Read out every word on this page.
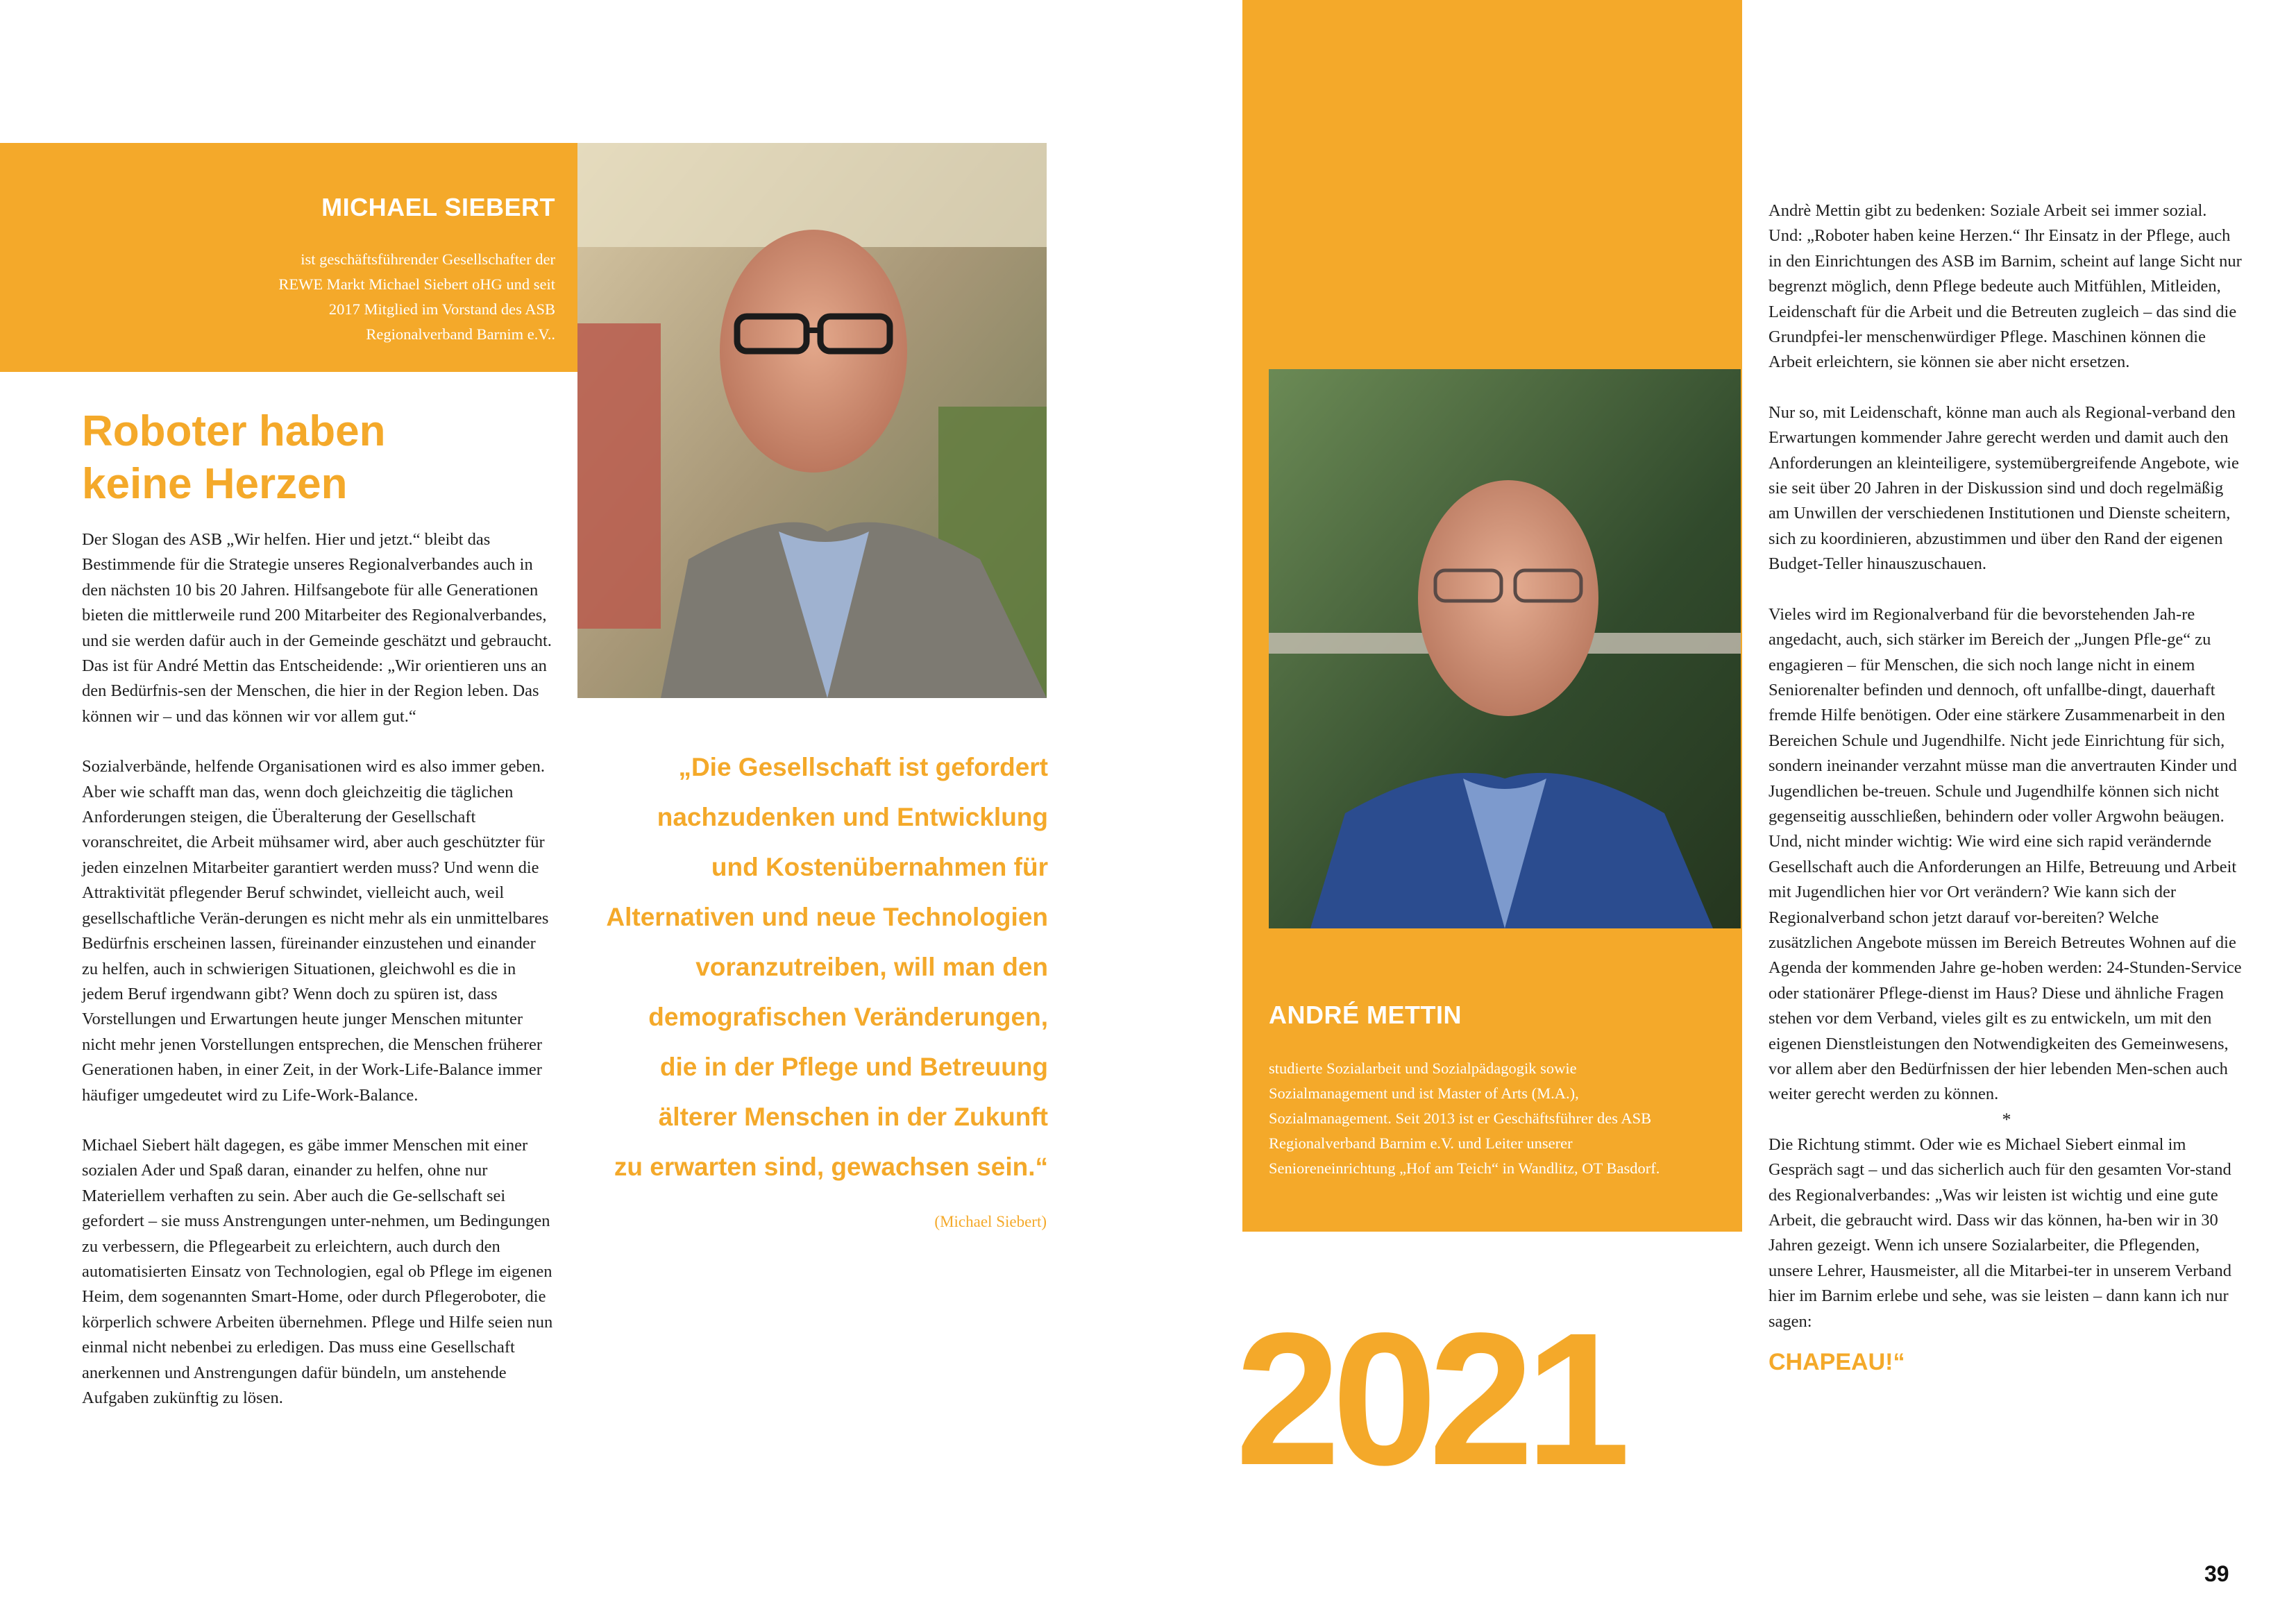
MICHAEL SIEBERT
ist geschäftsführender Gesellschafter der REWE Markt Michael Siebert oHG und seit 2017 Mitglied im Vorstand des ASB Regionalverband Barnim e.V..
Roboter haben
keine Herzen

Der Slogan des ASB „Wir helfen. Hier und jetzt.“ bleibt das Bestimmende für die Strategie unseres Regionalverbandes auch in den nächsten 10 bis 20 Jahren. Hilfsangebote für alle Generationen bieten die mittlerweile rund 200 Mitarbeiter des Regionalverbandes, und sie werden dafür auch in der Gemeinde geschätzt und gebraucht. Das ist für André Mettin das Entscheidende: „Wir orientieren uns an den Bedürfnis-sen der Menschen, die hier in der Region leben. Das können wir – und das können wir vor allem gut.“

Sozialverbände, helfende Organisationen wird es also immer geben. Aber wie schafft man das, wenn doch gleichzeitig die täglichen Anforderungen steigen, die Überalterung der Gesellschaft voranschreitet, die Arbeit mühsamer wird, aber auch geschützter für jeden einzelnen Mitarbeiter garantiert werden muss? Und wenn die Attraktivität pflegender Beruf schwindet, vielleicht auch, weil gesellschaftliche Verän-derungen es nicht mehr als ein unmittelbares Bedürfnis erscheinen lassen, füreinander einzustehen und einander zu helfen, auch in schwierigen Situationen, gleichwohl es die in jedem Beruf irgendwann gibt? Wenn doch zu spüren ist, dass Vorstellungen und Erwartungen heute junger Menschen mitunter nicht mehr jenen Vorstellungen entsprechen, die Menschen früherer Generationen haben, in einer Zeit, in der Work-Life-Balance immer häufiger umgedeutet wird zu Life-Work-Balance.

Michael Siebert hält dagegen, es gäbe immer Menschen mit einer sozialen Ader und Spaß daran, einander zu helfen, ohne nur Materiellem verhaften zu sein. Aber auch die Ge-sellschaft sei gefordert – sie muss Anstrengungen unter-nehmen, um Bedingungen zu verbessern, die Pflegearbeit zu erleichtern, auch durch den automatisierten Einsatz von Technologien, egal ob Pflege im eigenen Heim, dem sogenannten Smart-Home, oder durch Pflegeroboter, die körperlich schwere Arbeiten übernehmen. Pflege und Hilfe seien nun einmal nicht nebenbei zu erledigen. Das muss eine Gesellschaft anerkennen und Anstrengungen dafür bündeln, um anstehende Aufgaben zukünftig zu lösen.

„Die Gesellschaft ist gefordert
nachzudenken und Entwicklung
und Kostenübernahmen für
Alternativen und neue Technologien
voranzutreiben, will man den
demografischen Veränderungen,
die in der Pflege und Betreuung
älterer Menschen in der Zukunft
zu erwarten sind, gewachsen sein.“
(Michael Siebert)
ANDRÉ METTIN
studierte Sozialarbeit und Sozialpädagogik sowie Sozialmanagement und ist Master of Arts (M.A.), Sozialmanagement. Seit 2013 ist er Geschäftsführer des ASB Regionalverband Barnim e.V. und Leiter unserer Senioreneinrichtung „Hof am Teich“ in Wandlitz, OT Basdorf.
2021

Andrè Mettin gibt zu bedenken: Soziale Arbeit sei immer sozial. Und: „Roboter haben keine Herzen.“ Ihr Einsatz in der Pflege, auch in den Einrichtungen des ASB im Barnim, scheint auf lange Sicht nur begrenzt möglich, denn Pflege bedeute auch Mitfühlen, Mitleiden, Leidenschaft für die Arbeit und die Betreuten zugleich – das sind die Grundpfei-ler menschenwürdiger Pflege. Maschinen können die Arbeit erleichtern, sie können sie aber nicht ersetzen.

Nur so, mit Leidenschaft, könne man auch als Regional-verband den Erwartungen kommender Jahre gerecht werden und damit auch den Anforderungen an kleinteiligere, systemübergreifende Angebote, wie sie seit über 20 Jahren in der Diskussion sind und doch regelmäßig am Unwillen der verschiedenen Institutionen und Dienste scheitern, sich zu koordinieren, abzustimmen und über den Rand der eigenen Budget-Teller hinauszuschauen.

Vieles wird im Regionalverband für die bevorstehenden Jah-re angedacht, auch, sich stärker im Bereich der „Jungen Pfle-ge“ zu engagieren – für Menschen, die sich noch lange nicht in einem Seniorenalter befinden und dennoch, oft unfallbe-dingt, dauerhaft fremde Hilfe benötigen. Oder eine stärkere Zusammenarbeit in den Bereichen Schule und Jugendhilfe. Nicht jede Einrichtung für sich, sondern ineinander verzahnt müsse man die anvertrauten Kinder und Jugendlichen be-treuen. Schule und Jugendhilfe können sich nicht gegenseitig ausschließen, behindern oder voller Argwohn beäugen. Und, nicht minder wichtig: Wie wird eine sich rapid verändernde Gesellschaft auch die Anforderungen an Hilfe, Betreuung und Arbeit mit Jugendlichen hier vor Ort verändern? Wie kann sich der Regionalverband schon jetzt darauf vor-bereiten? Welche zusätzlichen Angebote müssen im Bereich Betreutes Wohnen auf die Agenda der kommenden Jahre ge-hoben werden: 24-Stunden-Service oder stationärer Pflege-dienst im Haus? Diese und ähnliche Fragen stehen vor dem Verband, vieles gilt es zu entwickeln, um mit den eigenen Dienstleistungen den Notwendigkeiten des Gemeinwesens, vor allem aber den Bedürfnissen der hier lebenden Men-schen auch weiter gerecht werden zu können.

*

Die Richtung stimmt. Oder wie es Michael Siebert einmal im Gespräch sagt – und das sicherlich auch für den gesamten Vor-stand des Regionalverbandes: „Was wir leisten ist wichtig und eine gute Arbeit, die gebraucht wird. Dass wir das können, ha-ben wir in 30 Jahren gezeigt. Wenn ich unsere Sozialarbeiter, die Pflegenden, unsere Lehrer, Hausmeister, all die Mitarbei-ter in unserem Verband hier im Barnim erlebe und sehe, was sie leisten – dann kann ich nur sagen:

CHAPEAU!“
39
